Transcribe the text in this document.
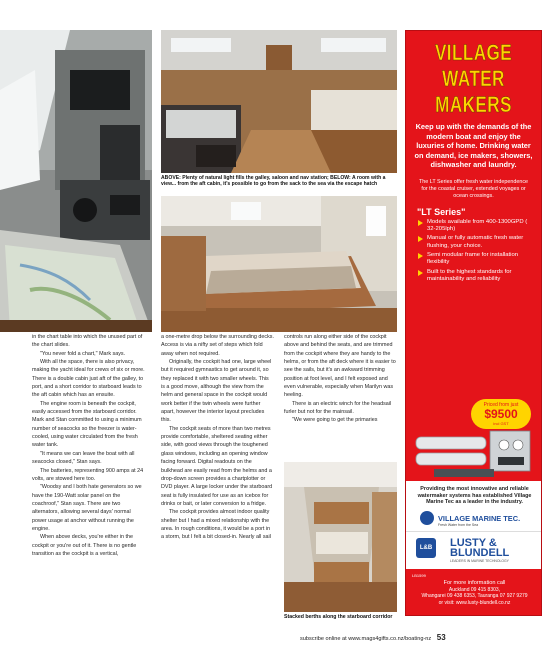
ABOVE: Plenty of natural light fills the galley, saloon and nav station; BELOW: A room with a view... from the aft cabin, it's possible to go from the sack to the sea via the escape hatch
Stacked berths along the starboard corridor

in the chart table into which the unused part of the chart slides.

"You never fold a chart," Mark says.

With all the space, there is also privacy, making the yacht ideal for crews of six or more. There is a double cabin just aft of the galley, to port, and a short corridor to starboard leads to the aft cabin which has an ensuite.

The engine room is beneath the cockpit, easily accessed from the starboard corridor. Mark and Stan committed to using a minimum number of seacocks so the freezer is water-cooled, using water circulated from the fresh water tank.

"It means we can leave the boat with all seacocks closed," Stan says.

The batteries, representing 900 amps at 24 volts, are stowed here too.

"Woodsy and I both hate generators so we have the 190-Watt solar panel on the coachroof," Stan says. There are two alternators, allowing several days' normal power usage at anchor without running the engine.

When above decks, you're either in the cockpit or you're out of it. There is no gentle transition as the cockpit is a vertical,

a one-metre drop below the surrounding decks. Access is via a nifty set of steps which fold away when not required.

Originally, the cockpit had one, large wheel but it required gymnastics to get around it, so they replaced it with two smaller wheels. This is a good move, although the view from the helm and general space in the cockpit would work better if the twin wheels were further apart, however the interior layout precludes this.

The cockpit seats of more than two metres provide comfortable, sheltered seating either side, with good views through the toughened glass windows, including an opening window facing forward. Digital readouts on the bulkhead are easily read from the helms and a drop-down screen provides a chartplotter or DVD player. A large locker under the starboard seat is fully insulated for use as an icebox for drinks or bait, or later conversion to a fridge.

The cockpit provides almost indoor quality shelter but I had a mixed relationship with the area. In rough conditions, it would be a port in a storm, but I felt a bit closed-in. Nearly all sail

controls run along either side of the cockpit above and behind the seats, and are trimmed from the cockpit where they are handy to the helms, or from the aft deck where it is easier to see the sails, but it's an awkward trimming position at foot level, and I felt exposed and even vulnerable, especially when Marilyn was heeling.

There is an electric winch for the headsail furler but not for the mainsail.

"We were going to get the primaries

subscribe online at www.mags4gifts.co.nz/boating-nz 53
VILLAGE
WATER
MAKERS
Keep up with the demands of the modern boat and enjoy the luxuries of home. Drinking water on demand, ice makers, showers, dishwasher and laundry.
The LT Series offer fresh water independence for the coastal cruiser, extended voyages or ocean crossings.
"LT Series"
Models available from 400-1300GPD ( 32-205lph)
Manual or fully automatic fresh water flushing, your choice.
Semi modular frame for installation flexibility
Built to the highest standards for maintainability and reliability
Priced from just
$9500
incl GST
Providing the most innovative and reliable watermaker systems has established Village Marine Tec as a leader in the industry.
VILLAGE MARINE TEC.
Fresh Water from the Sea
L&B	LUSTY & BLUNDELL
LEADERS IN MARINE TECHNOLOGY
LB1599
For more information call
Auckland 09 415 8303,
Whangarei 09 438 6353, Tauranga 07 927 9279
or visit: www.lusty-blundell.co.nz
